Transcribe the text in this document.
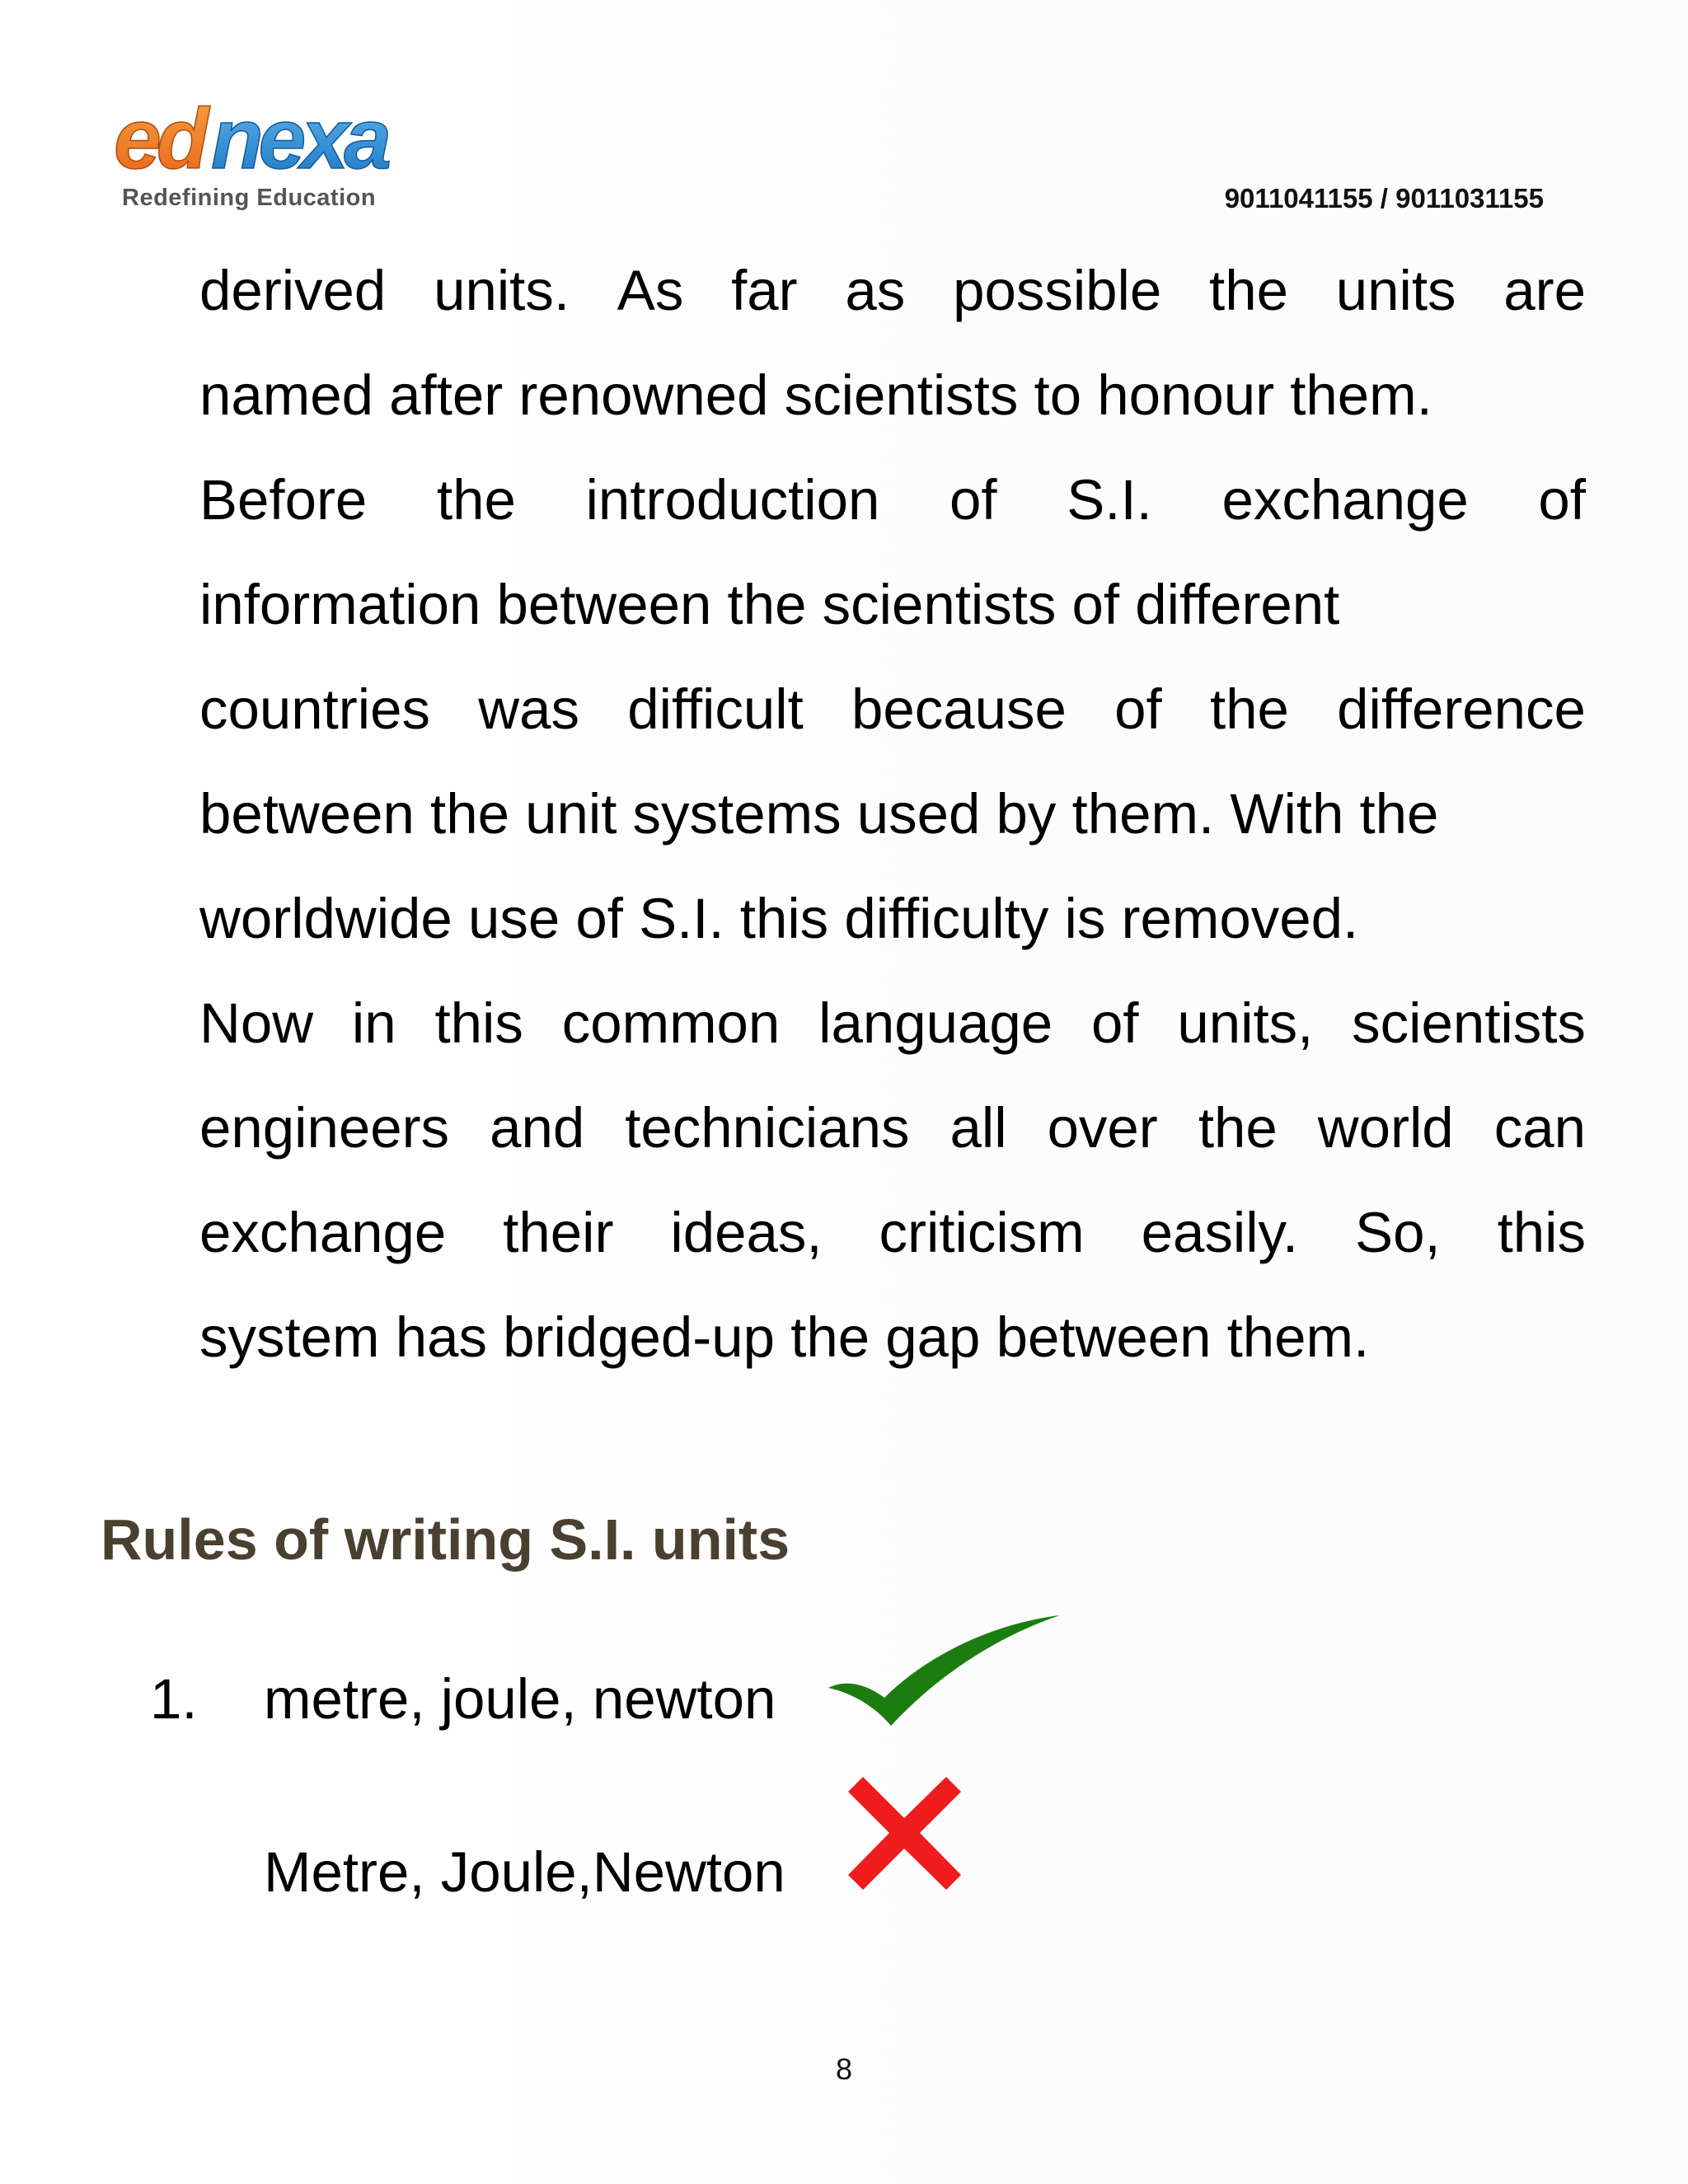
ed nexa
Redefining Education	9011041155 / 9011031155
derived units. As far as possible the units are
named after renowned scientists to honour them.
Before the introduction of S.I. exchange of
information between the scientists of different
countries was difficult because of the difference
between the unit systems used by them. With the
worldwide use of S.I. this difficulty is removed.
Now in this common language of units, scientists
engineers and technicians all over the world can
exchange their ideas, criticism easily. So, this
system has bridged-up the gap between them.
Rules of writing S.I. units
1. metre, joule, newton
Metre, Joule,Newton
8
